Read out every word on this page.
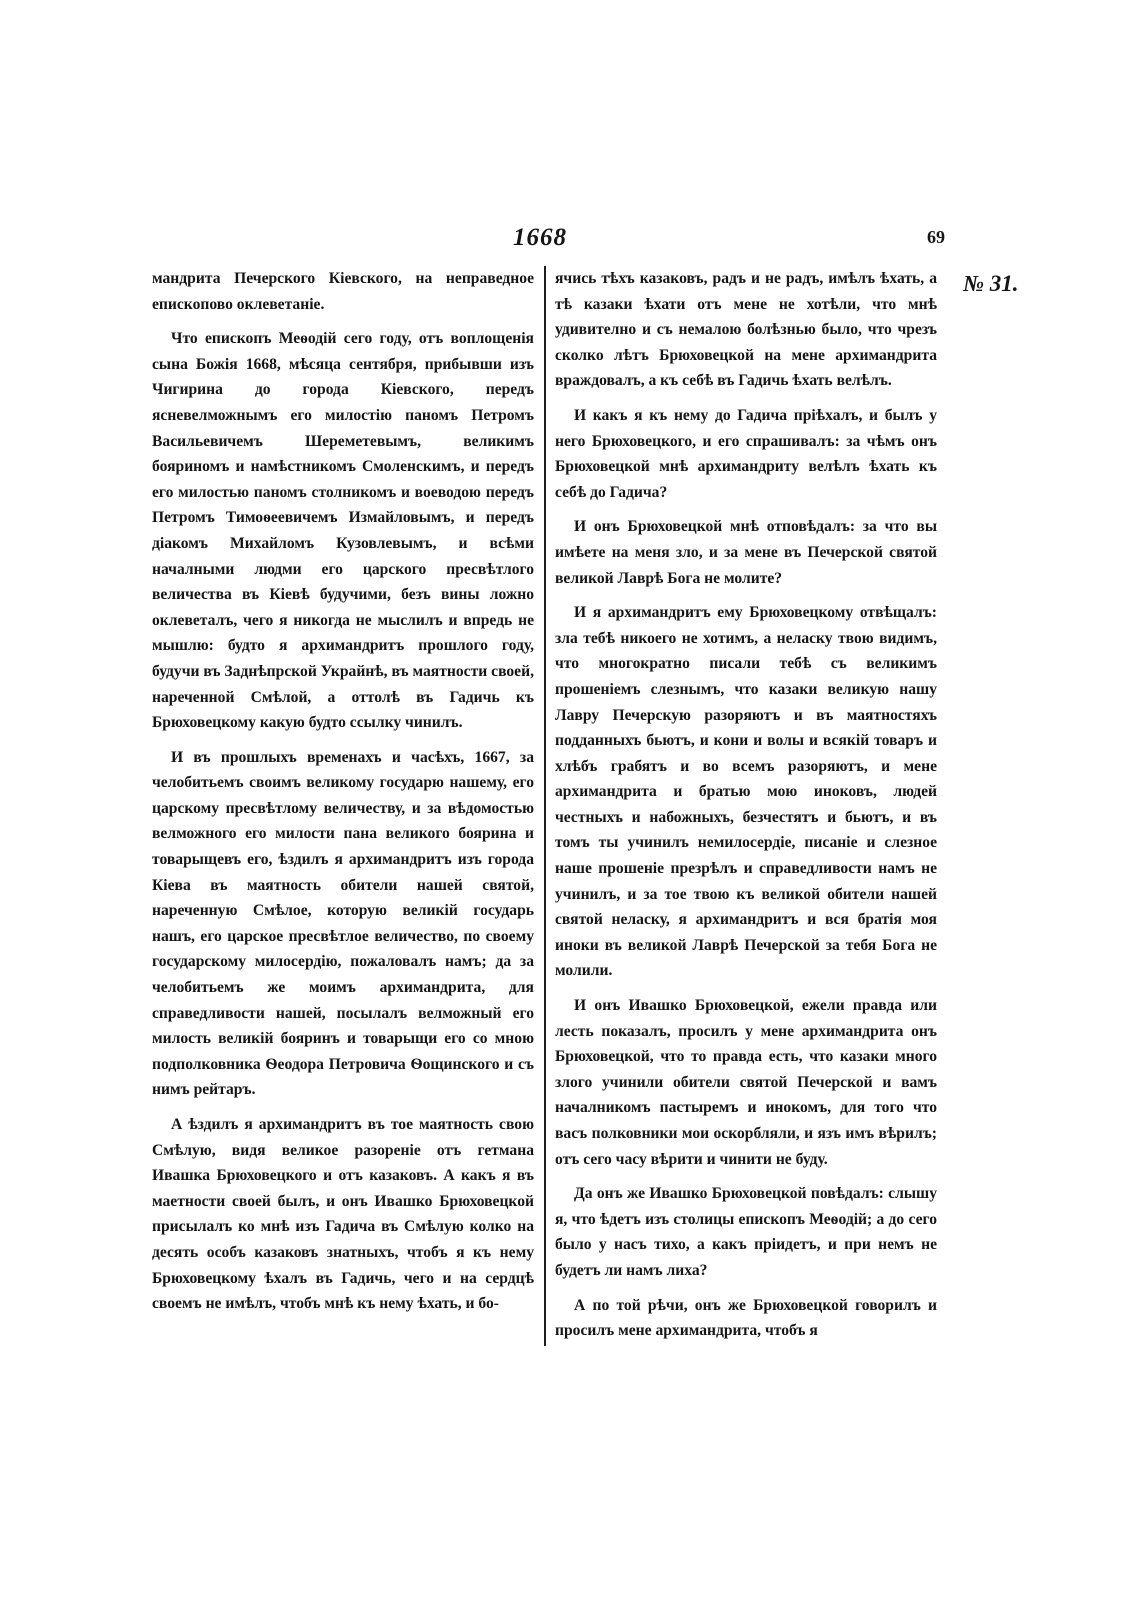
1668	69
№ 31.

мандрита Печерского Кіевского, на неправедное епископово оклеветаніе.

Что епископъ Меѳодій сего году, отъ воплощенія сына Божія 1668, мѣсяца сентября, прибывши изъ Чигирина до города Кіевского, передъ ясневелможнымъ его милостію паномъ Петромъ Васильевичемъ Шереметевымъ, великимъ бояриномъ и намѣстникомъ Смоленскимъ, и передъ его милостью паномъ столникомъ и воеводою передъ Петромъ Тимоѳеевичемъ Измайловымъ, и передъ діакомъ Михайломъ Кузовлевымъ, и всѣми началными людми его царского пресвѣтлого величества въ Кіевѣ будучими, безъ вины ложно оклеветалъ, чего я никогда не мыслилъ и впредь не мышлю: будто я архимандритъ прошлого году, будучи въ Заднѣпрской Украйнѣ, въ маятности своей, нареченной Смѣлой, а оттолѣ въ Гадичь къ Брюховецкому какую будто ссылку чинилъ.

И въ прошлыхъ временахъ и часѣхъ, 1667, за челобитьемъ своимъ великому государю нашему, его царскому пресвѣтлому величеству, и за вѣдомостью велможного его милости пана великого боярина и товарыщевъ его, ѣздилъ я архимандритъ изъ города Кіева въ маятность обители нашей святой, нареченную Смѣлое, которую великій государь нашъ, его царское пресвѣтлое величество, по своему государскому милосердію, пожаловалъ намъ; да за челобитьемъ же моимъ архимандрита, для справедливости нашей, посылалъ велможный его милость великій бояринъ и товарыщи его со мною подполковника Ѳеодора Петровича Ѳощинского и съ нимъ рейтаръ.

А ѣздилъ я архимандритъ въ тое маятность свою Смѣлую, видя великое разореніе отъ гетмана Ивашка Брюховецкого и отъ казаковъ. А какъ я въ маетности своей былъ, и онъ Ивашко Брюховецкой присылалъ ко мнѣ изъ Гадича въ Смѣлую колко на десять особъ казаковъ знатныхъ, чтобъ я къ нему Брюховецкому ѣхалъ въ Гадичь, чего и на сердцѣ своемъ не имѣлъ, чтобъ мнѣ къ нему ѣхать, и бо-

ячись тѣхъ казаковъ, радъ и не радъ, имѣлъ ѣхать, а тѣ казаки ѣхати отъ мене не хотѣли, что мнѣ удивително и съ немалою болѣзнью было, что чрезъ сколко лѣтъ Брюховецкой на мене архимандрита враждовалъ, а къ себѣ въ Гадичь ѣхать велѣлъ.

И какъ я къ нему до Гадича пріѣхалъ, и былъ у него Брюховецкого, и его спрашивалъ: за чѣмъ онъ Брюховецкой мнѣ архимандриту велѣлъ ѣхать къ себѣ до Гадича?

И онъ Брюховецкой мнѣ отповѣдалъ: за что вы имѣете на меня зло, и за мене въ Печерской святой великой Лаврѣ Бога не молите?

И я архимандритъ ему Брюховецкому отвѣщалъ: зла тебѣ никоего не хотимъ, а неласку твою видимъ, что многократно писали тебѣ съ великимъ прошеніемъ слезнымъ, что казаки великую нашу Лавру Печерскую разоряютъ и въ маятностяхъ подданныхъ бьютъ, и кони и волы и всякій товаръ и хлѣбъ грабятъ и во всемъ разоряютъ, и мене архимандрита и братью мою иноковъ, людей честныхъ и набожныхъ, безчестятъ и бьютъ, и въ томъ ты учинилъ немилосердіе, писаніе и слезное наше прошеніе презрѣлъ и справедливости намъ не учинилъ, и за тое твою къ великой обители нашей святой неласку, я архимандритъ и вся братія моя иноки въ великой Лаврѣ Печерской за тебя Бога не молили.

И онъ Ивашко Брюховецкой, ежели правда или лесть показалъ, просилъ у мене архимандрита онъ Брюховецкой, что то правда есть, что казаки много злого учинили обители святой Печерской и вамъ началникомъ пастыремъ и инокомъ, для того что васъ полковники мои оскорбляли, и язъ имъ вѣрилъ; отъ сего часу вѣрити и чинити не буду.

Да онъ же Ивашко Брюховецкой повѣдалъ: слышу я, что ѣдетъ изъ столицы епископъ Меѳодій; а до сего было у насъ тихо, а какъ пріидетъ, и при немъ не будетъ ли намъ лиха?

А по той рѣчи, онъ же Брюховецкой говорилъ и просилъ мене архимандрита, чтобъ я
